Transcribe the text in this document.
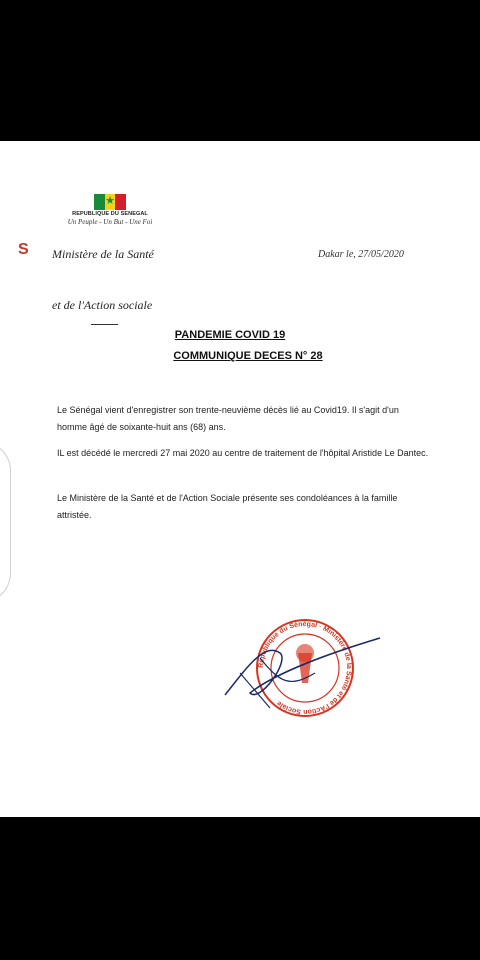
★
REPUBLIQUE DU SENEGAL
Un Peuple - Un But - Une Foi
S Ministère de la Santé	Dakar le, 27/05/2020
et de l'Action sociale
PANDEMIE COVID 19
COMMUNIQUE DECES N° 28
Le Sénégal vient d'enregistrer son trente-neuvième décès lié au Covid19. Il s'agit d'un homme âgé de soixante-huit ans (68) ans.
IL est décédé le mercredi 27 mai 2020 au centre de traitement de l'hôpital Aristide Le Dantec.
Le Ministère de la Santé et de l'Action Sociale présente ses condoléances à la famille attristée.
République du Sénégal · Ministère de la Santé et de l'Action Sociale
